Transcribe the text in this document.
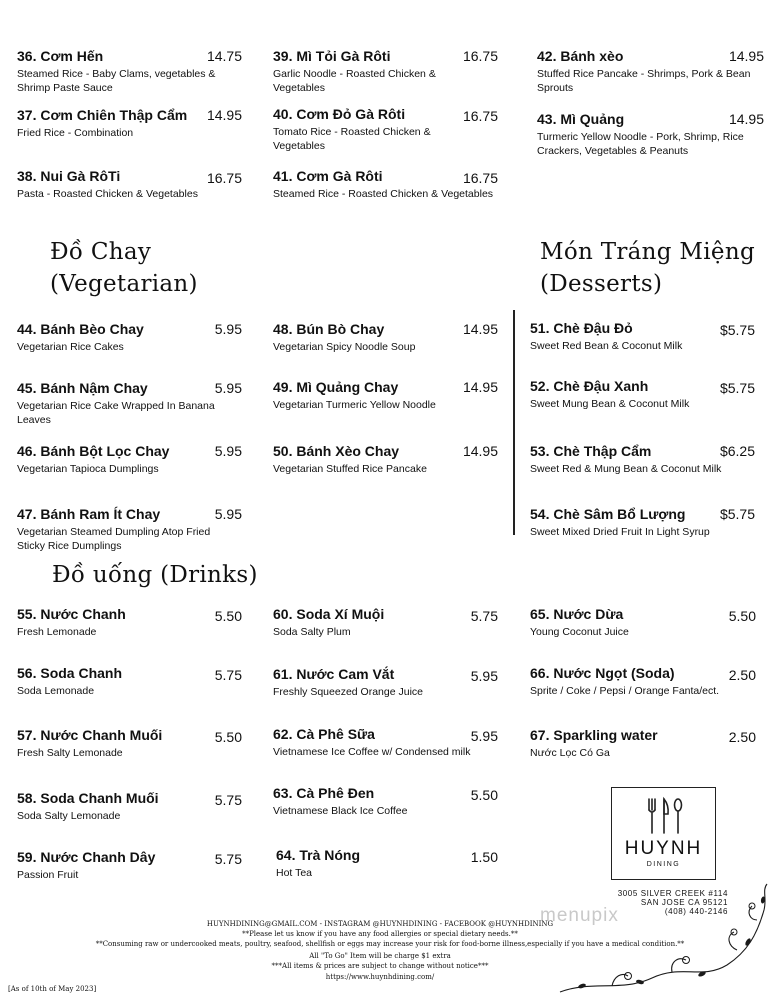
36. Cơm Hến	14.75
Steamed Rice - Baby Clams, vegetables & Shrimp Paste Sauce
37. Cơm Chiên Thập Cẩm	14.95
Fried Rice - Combination
38. Nui Gà RôTi	16.75
Pasta - Roasted Chicken & Vegetables
39. Mì Tỏi Gà Rôti	16.75
Garlic Noodle - Roasted Chicken & Vegetables
40. Cơm Đỏ Gà Rôti	16.75
Tomato Rice - Roasted Chicken & Vegetables
41. Cơm Gà Rôti	16.75
Steamed Rice - Roasted Chicken & Vegetables
42. Bánh xèo	14.95
Stuffed Rice Pancake - Shrimps, Pork & Bean Sprouts
43. Mì Quảng	14.95
Turmeric Yellow Noodle - Pork, Shrimp, Rice Crackers, Vegetables & Peanuts
Đồ Chay
(Vegetarian)
Món Tráng Miệng
(Desserts)
44. Bánh Bèo Chay	5.95
Vegetarian Rice Cakes
45. Bánh Nậm Chay	5.95
Vegetarian Rice Cake Wrapped In Banana Leaves
46. Bánh Bột Lọc Chay	5.95
Vegetarian Tapioca Dumplings
47. Bánh Ram Ít Chay	5.95
Vegetarian Steamed Dumpling Atop Fried Sticky Rice Dumplings
48. Bún Bò Chay	14.95
Vegetarian Spicy Noodle Soup
49. Mì Quảng Chay	14.95
Vegetarian Turmeric Yellow Noodle
50. Bánh Xèo Chay	14.95
Vegetarian Stuffed Rice Pancake
51. Chè Đậu Đỏ	$5.75
Sweet Red Bean & Coconut Milk
52. Chè Đậu Xanh	$5.75
Sweet Mung Bean & Coconut Milk
53. Chè Thập Cẩm	$6.25
Sweet Red & Mung Bean & Coconut Milk
54. Chè Sâm Bổ Lượng	$5.75
Sweet Mixed Dried Fruit In Light Syrup
Đồ uống (Drinks)
55. Nước Chanh	5.50
Fresh Lemonade
56. Soda Chanh	5.75
Soda Lemonade
57. Nước Chanh Muối	5.50
Fresh Salty Lemonade
58. Soda Chanh Muối	5.75
Soda Salty Lemonade
59. Nước Chanh Dây	5.75
Passion Fruit
60. Soda Xí Muội	5.75
Soda Salty Plum
61. Nước Cam Vắt	5.95
Freshly Squeezed Orange Juice
62. Cà Phê Sữa	5.95
Vietnamese Ice Coffee w/ Condensed milk
63. Cà Phê Đen	5.50
Vietnamese Black Ice Coffee
64. Trà Nóng	1.50
Hot Tea
65. Nước Dừa	5.50
Young Coconut Juice
66. Nước Ngọt (Soda)	2.50
Sprite / Coke / Pepsi / Orange Fanta/ect.
67. Sparkling water	2.50
Nước Lọc Có Ga
HUYNH
DINING
3005 SILVER CREEK #114
SAN JOSE CA 95121
(408) 440-2146
menupix
HUYNHDINING@GMAIL.COM - INSTAGRAM @HUYNHDINING - FACEBOOK @HUYNHDINING
**Please let us know if you have any food allergies or special dietary needs.**
**Consuming raw or undercooked meats, poultry, seafood, shellfish or eggs may increase your risk for food-borne illness,especially if you have a medical condition.**
All "To Go" Item will be charge $1 extra
***All items & prices are subject to change without notice***
https://www.huynhdining.com/
[As of 10th of May 2023]
